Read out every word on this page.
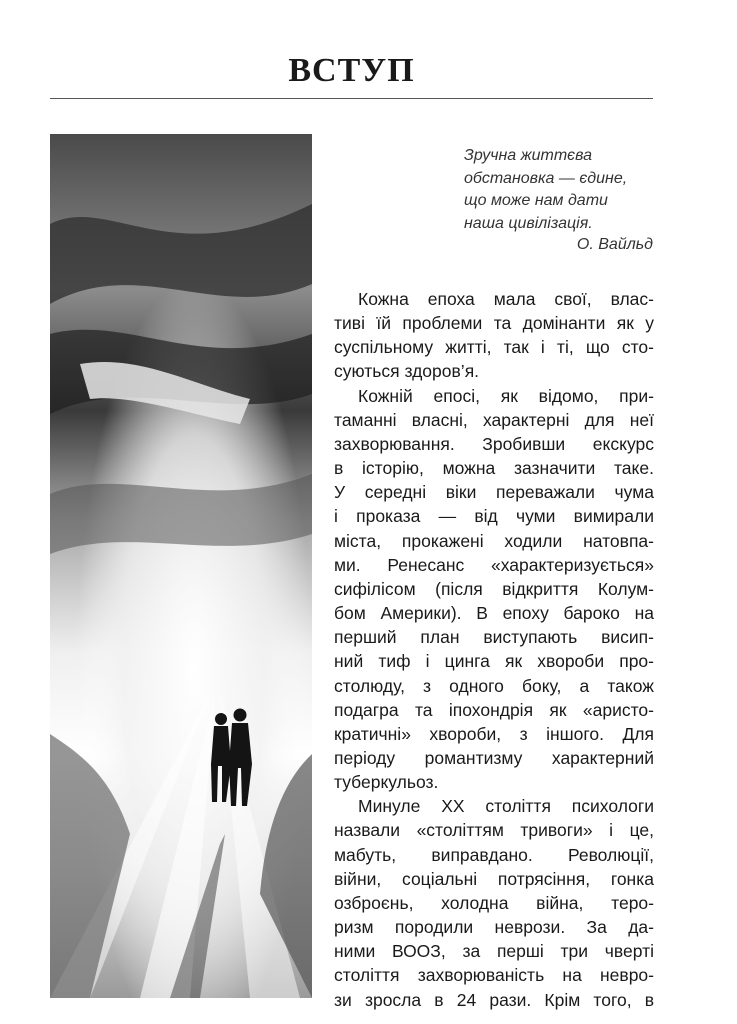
ВСТУП
Зручна життєва
обстановка — єдине,
що може нам дати
наша цивілізація.
О. Вайльд
Кожна епоха мала свої, влас-
тиві їй проблеми та домінанти як у
суспільному житті, так і ті, що сто-
суються здоров’я.
Кожній епосі, як відомо, при-
таманні власні, характерні для неї
захворювання. Зробивши екскурс
в історію, можна зазначити таке.
У середні віки переважали чума
і проказа — від чуми вимирали
міста, прокажені ходили натовпа-
ми. Ренесанс «характеризується»
сифілісом (після відкриття Колум-
бом Америки). В епоху бароко на
перший план виступають висип-
ний тиф і цинга як хвороби про-
столюду, з одного боку, а також
подагра та іпохондрія як «аристо-
кратичні» хвороби, з іншого. Для
періоду романтизму характерний
туберкульоз.
Минуле ХХ століття психологи
назвали «століттям тривоги» і це,
мабуть, виправдано. Революції,
війни, соціальні потрясіння, гонка
озброєнь, холодна війна, теро-
ризм породили неврози. За да-
ними ВООЗ, за перші три чверті
століття захворюваність на невро-
зи зросла в 24 рази. Крім того, в
